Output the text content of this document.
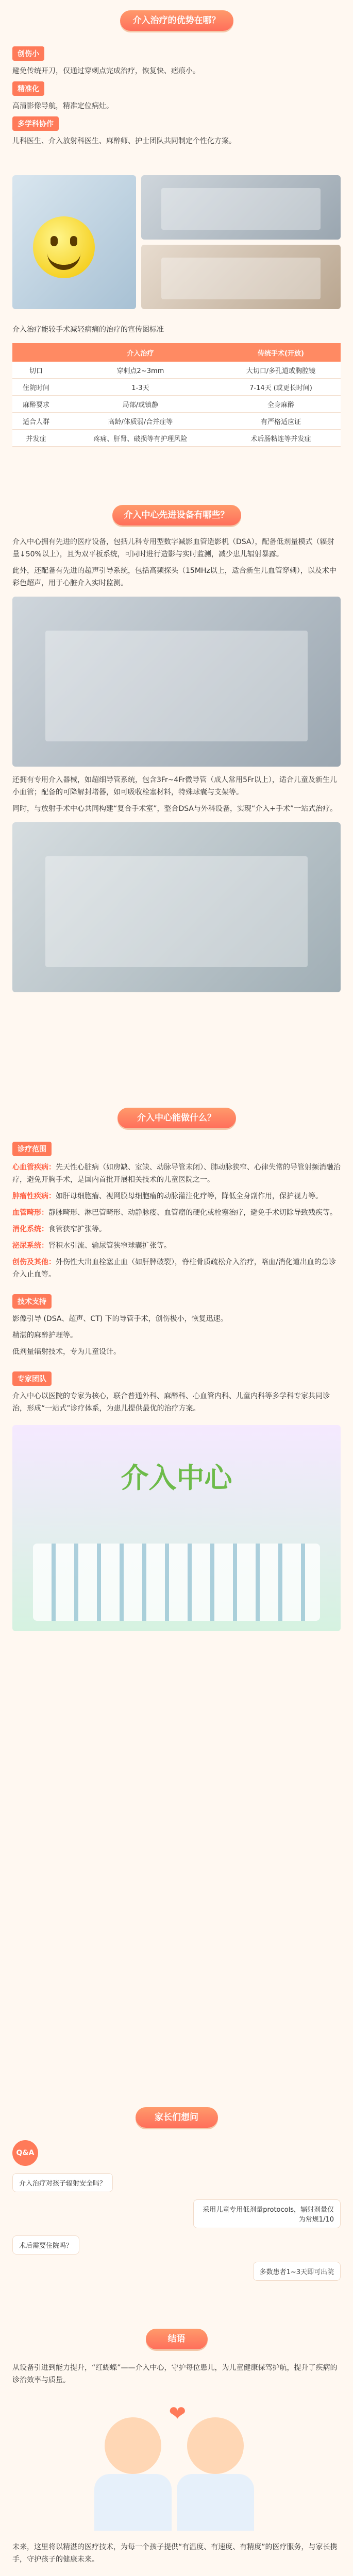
介入治疗的优势在哪？
创伤小

避免传统开刀，仅通过穿刺点完成治疗，恢复快、疤痕小。

精准化

高清影像导航，精准定位病灶。

多学科协作

儿科医生、介入放射科医生、麻醉师、护士团队共同制定个性化方案。

介入治疗能较手术减轻病痛的治疗的宣传图标准

	介入治疗	传统手术(开放)
切口	穿刺点2~3mm	大切口/多孔道或胸腔镜
住院时间	1-3天	7-14天 (或更长时间)
麻醉要求	局部/或镇静	全身麻醉
适合人群	高龄/体质弱/合并症等	有严格适应证
并发症	疼痛、肝肾、破损等有护理风险	术后肠粘连等并发症
介入中心先进设备有哪些？

介入中心拥有先进的医疗设备，包括儿科专用型数字减影血管造影机（DSA），配备低剂量模式（辐射量↓50%以上），且为双平板系统，可同时进行造影与实时监测，减少患儿辐射暴露。

此外，还配备有先进的超声引导系统，包括高频探头（15MHz以上，适合新生儿血管穿刺），以及术中彩色超声，用于心脏介入实时监测。

还拥有专用介入器械，如超细导管系统，包含3Fr~4Fr微导管（成人常用5Fr以上），适合儿童及新生儿小血管；配备的可降解封堵器，如可吸收栓塞材料，特殊球囊与支架等。

同时，与放射手术中心共同构建“复合手术室”，整合DSA与外科设备，实现“介入+手术”一站式治疗。

介入中心能做什么？
诊疗范围

心血管疾病：先天性心脏病（如房缺、室缺、动脉导管未闭）、肺动脉狭窄、心律失常的导管射频消融治疗，避免开胸手术，是国内首批开展相关技术的儿童医院之一。

肿瘤性疾病：如肝母细胞瘤、视网膜母细胞瘤的动脉灌注化疗等，降低全身副作用，保护视力等。

血管畸形：静脉畸形、淋巴管畸形、动静脉瘘、血管瘤的硬化或栓塞治疗，避免手术切除导致残疾等。

消化系统：食管狭窄扩张等。

泌尿系统：肾积水引流、输尿管狭窄球囊扩张等。

创伤及其他：外伤性大出血栓塞止血（如肝脾破裂），脊柱骨质疏松介入治疗，咯血/消化道出血的急诊介入止血等。

技术支持

影像引导 (DSA、超声、CT) 下的导管手术，创伤极小，恢复迅速。

精湛的麻醉护理等。

低剂量辐射技术，专为儿童设计。

专家团队

介入中心以医院的专家为核心，联合普通外科、麻醉科、心血管内科、儿童内科等多学科专家共同诊治，形成“一站式”诊疗体系，为患儿提供最优的治疗方案。

介入中心
家长们想问
Q&A
介入治疗对孩子辐射安全吗？
采用儿童专用低剂量protocols，辐射剂量仅为常规1/10
术后需要住院吗？
多数患者1~3天即可出院
结语

从设备引进到能力提升，“红蝴蝶”——介入中心，守护每位患儿，为儿童健康保驾护航，提升了疾病的诊治效率与质量。

❤

未来，这里将以精湛的医疗技术，为每一个孩子提供“有温度、有速度、有精度”的医疗服务，与家长携手，守护孩子的健康未来。
